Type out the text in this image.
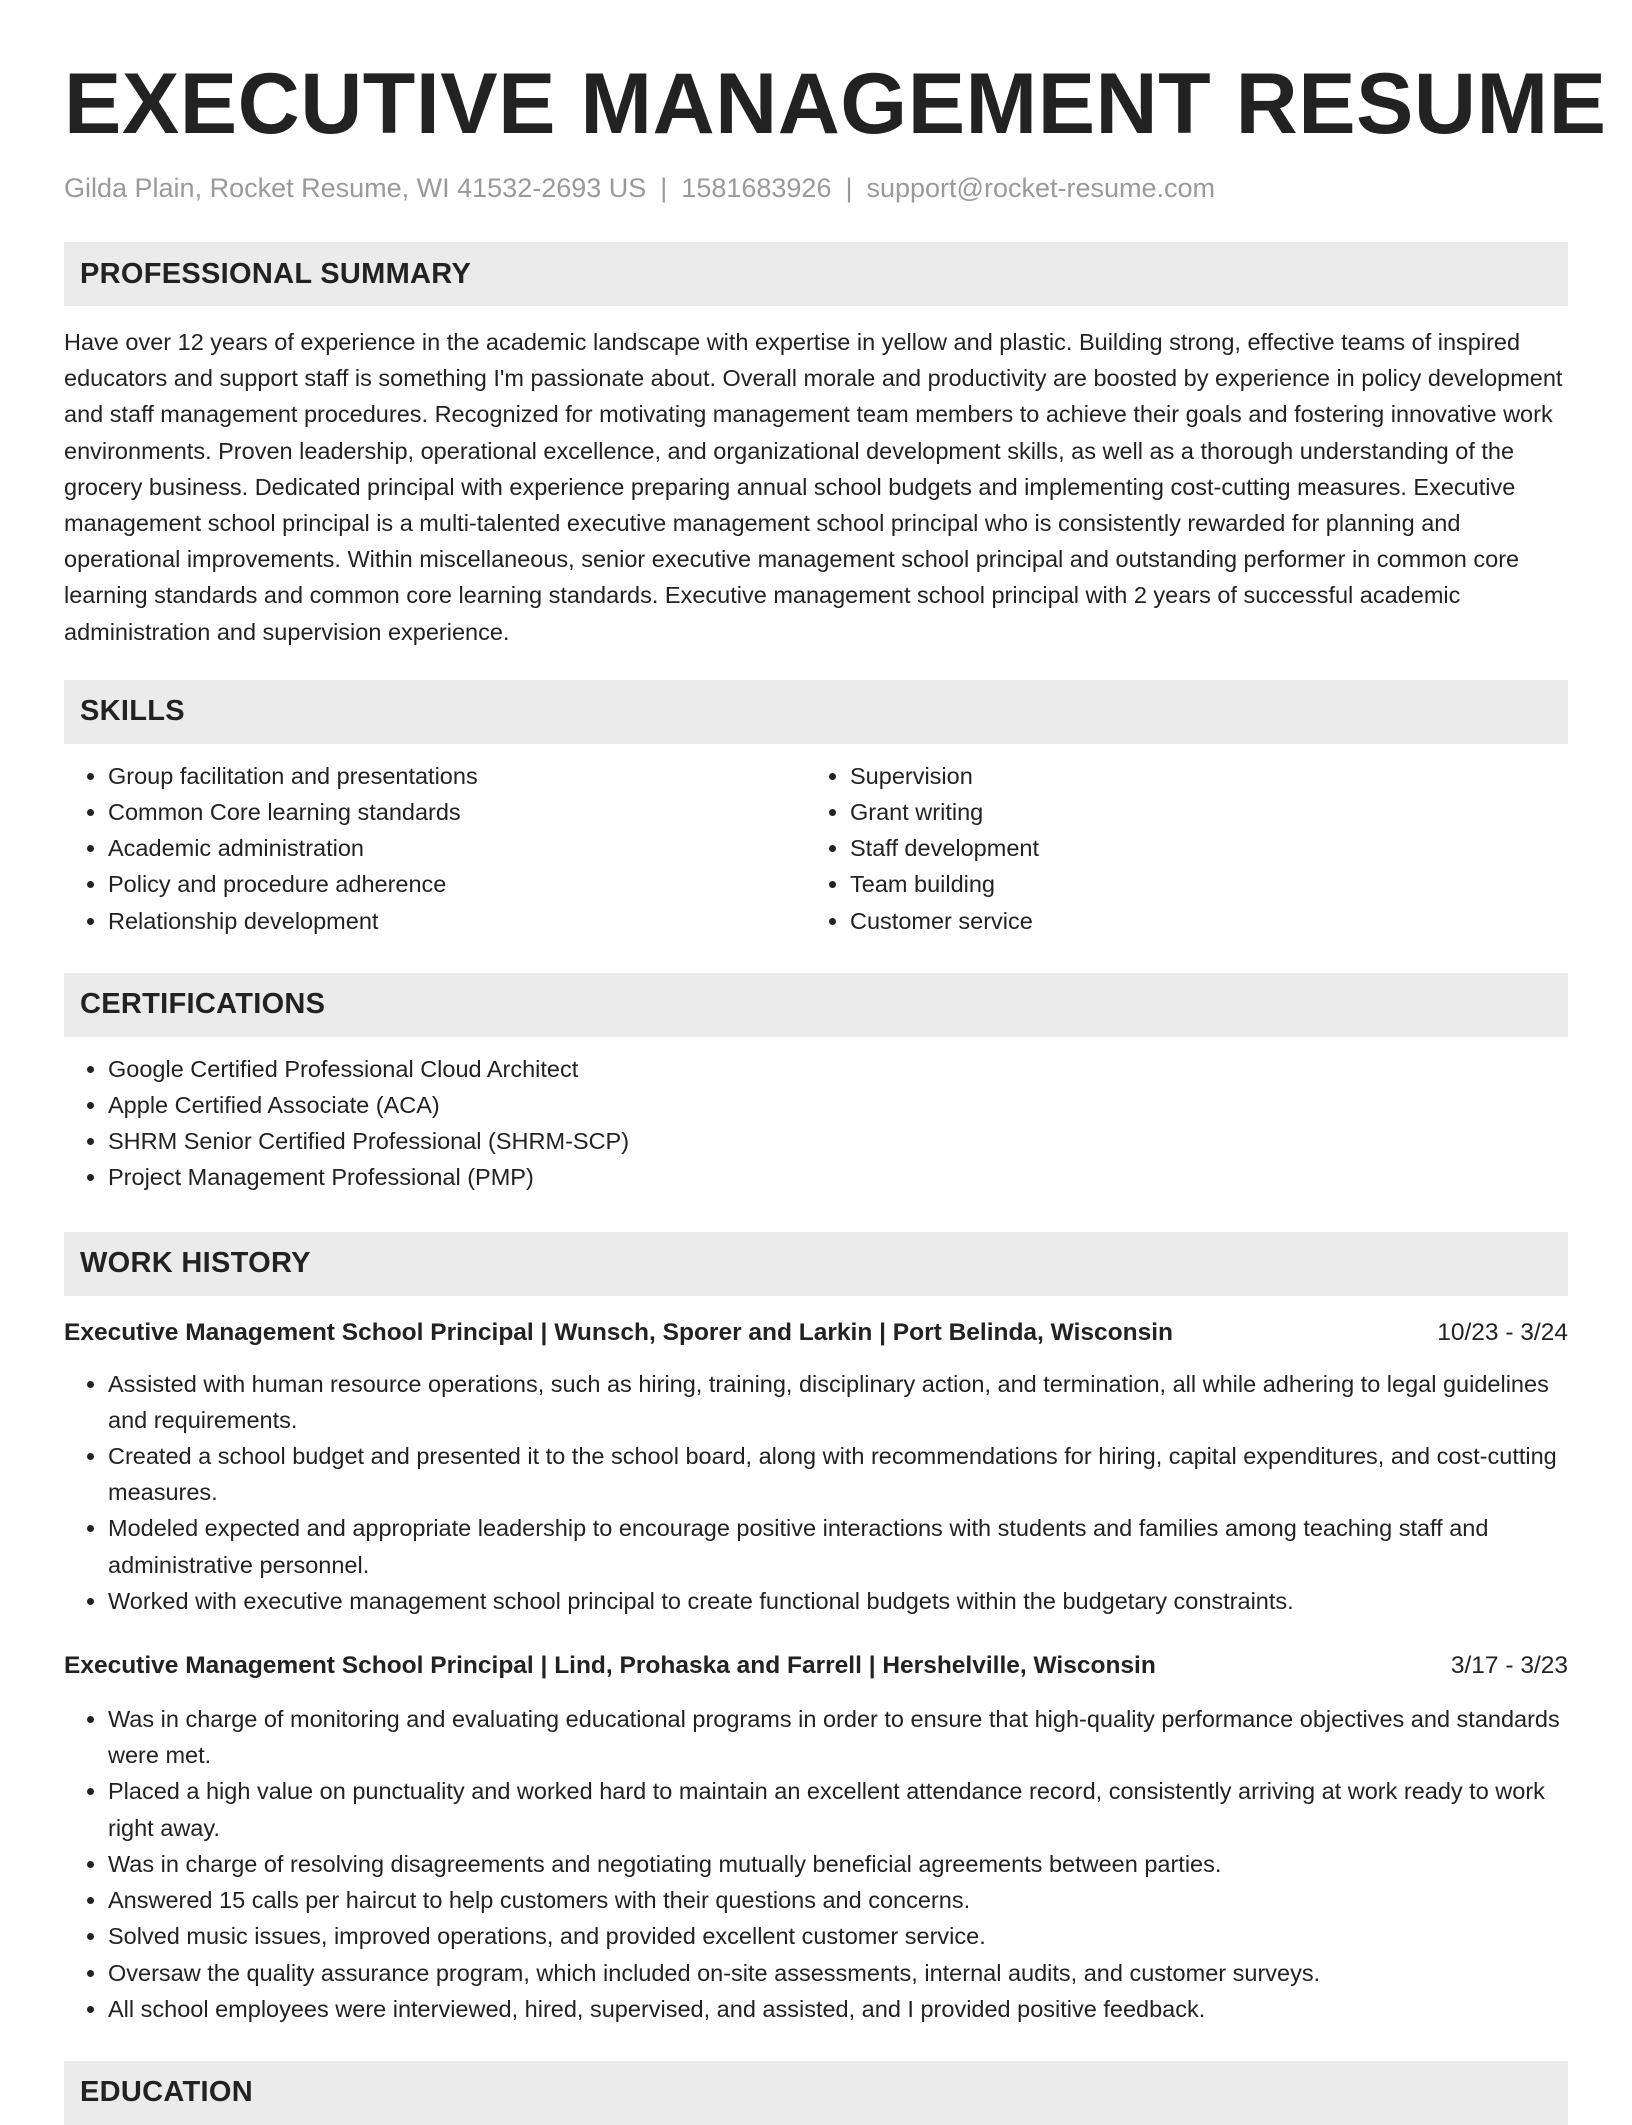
EXECUTIVE MANAGEMENT RESUME
Gilda Plain, Rocket Resume, WI 41532-2693 US | 1581683926 | support@rocket-resume.com
PROFESSIONAL SUMMARY

Have over 12 years of experience in the academic landscape with expertise in yellow and plastic. Building strong, effective teams of inspired educators and support staff is something I'm passionate about. Overall morale and productivity are boosted by experience in policy development and staff management procedures. Recognized for motivating management team members to achieve their goals and fostering innovative work environments. Proven leadership, operational excellence, and organizational development skills, as well as a thorough understanding of the grocery business. Dedicated principal with experience preparing annual school budgets and implementing cost-cutting measures. Executive management school principal is a multi-talented executive management school principal who is consistently rewarded for planning and operational improvements. Within miscellaneous, senior executive management school principal and outstanding performer in common core learning standards and common core learning standards. Executive management school principal with 2 years of successful academic administration and supervision experience.

SKILLS
• Group facilitation and presentations
• Common Core learning standards
• Academic administration
• Policy and procedure adherence
• Relationship development
• Supervision
• Grant writing
• Staff development
• Team building
• Customer service
CERTIFICATIONS
• Google Certified Professional Cloud Architect
• Apple Certified Associate (ACA)
• SHRM Senior Certified Professional (SHRM-SCP)
• Project Management Professional (PMP)
WORK HISTORY
Executive Management School Principal | Wunsch, Sporer and Larkin | Port Belinda, Wisconsin	10/23 - 3/24
• Assisted with human resource operations, such as hiring, training, disciplinary action, and termination, all while adhering to legal guidelines and requirements.
• Created a school budget and presented it to the school board, along with recommendations for hiring, capital expenditures, and cost-cutting measures.
• Modeled expected and appropriate leadership to encourage positive interactions with students and families among teaching staff and administrative personnel.
• Worked with executive management school principal to create functional budgets within the budgetary constraints.
Executive Management School Principal | Lind, Prohaska and Farrell | Hershelville, Wisconsin	3/17 - 3/23
• Was in charge of monitoring and evaluating educational programs in order to ensure that high-quality performance objectives and standards were met.
• Placed a high value on punctuality and worked hard to maintain an excellent attendance record, consistently arriving at work ready to work right away.
• Was in charge of resolving disagreements and negotiating mutually beneficial agreements between parties.
• Answered 15 calls per haircut to help customers with their questions and concerns.
• Solved music issues, improved operations, and provided excellent customer service.
• Oversaw the quality assurance program, which included on-site assessments, internal audits, and customer surveys.
• All school employees were interviewed, hired, supervised, and assisted, and I provided positive feedback.
EDUCATION
